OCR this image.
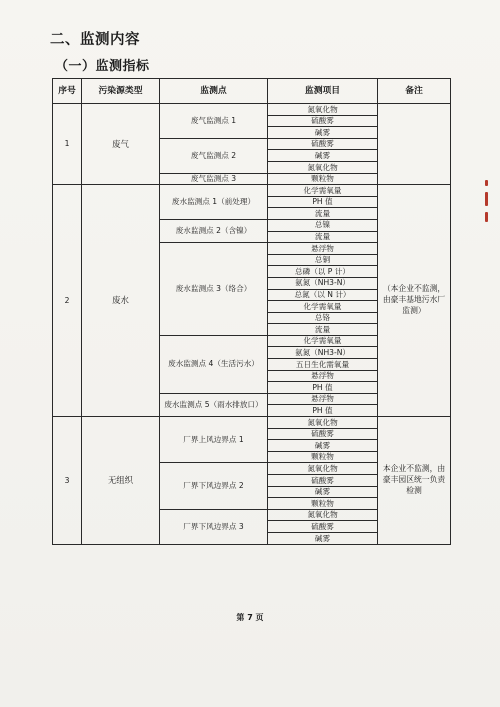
二、监测内容
（一）监测指标
序号	污染源类型	监测点	监测项目	备注
1	废气	废气监测点 1	氮氧化物	
			硫酸雾	
			碱雾	
		废气监测点 2	硫酸雾	
			碱雾	
			氮氧化物	
		废气监测点 3	颗粒物	
2	废水	废水监测点 1（前处理）	化学需氧量	（本企业不监测，由豪丰基地污水厂监测）
			PH 值	
			流量	
		废水监测点 2（含镍）	总镍	
			流量	
		废水监测点 3（络合）	悬浮物	
			总铜	
			总磷（以 P 计）	
			氨氮（NH3-N）	
			总氮（以 N 计）	
			化学需氧量	
			总铬	
			流量	
		废水监测点 4（生活污水）	化学需氧量	
			氨氮（NH3-N）	
			五日生化需氧量	
			悬浮物	
			PH 值	
		废水监测点 5（雨水排放口）	悬浮物	
			PH 值	
3	无组织	厂界上风边界点 1	氮氧化物	本企业不监测，由豪丰园区统一负责检测
			硫酸雾	
			碱雾	
			颗粒物	
		厂界下风边界点 2	氮氧化物	
			硫酸雾	
			碱雾	
			颗粒物	
		厂界下风边界点 3	氮氧化物	
			硫酸雾	
			碱雾	
第 7 页
